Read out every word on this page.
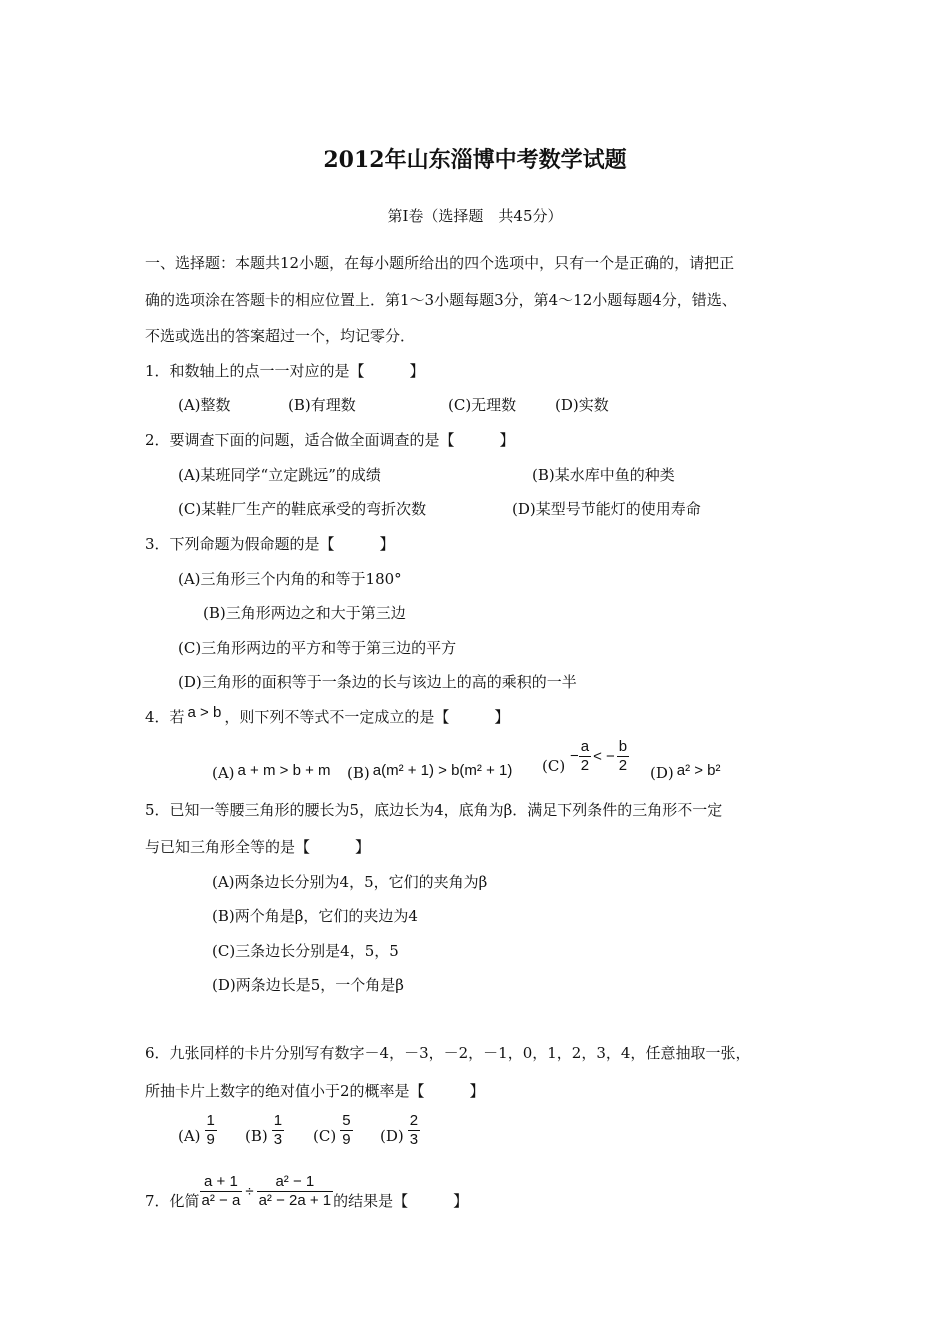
2012年山东淄博中考数学试题
第Ⅰ卷（选择题　共45分）
一、选择题：本题共12小题，在每小题所给出的四个选项中，只有一个是正确的，请把正
确的选项涂在答题卡的相应位置上．第1～3小题每题3分，第4～12小题每题4分，错选、
不选或选出的答案超过一个，均记零分．
1．和数轴上的点一一对应的是【　　　】
(A)整数	(B)有理数	(C)无理数	(D)实数
2．要调查下面的问题，适合做全面调查的是【　　　】
(A)某班同学“立定跳远”的成绩	(B)某水库中鱼的种类
(C)某鞋厂生产的鞋底承受的弯折次数	(D)某型号节能灯的使用寿命
3．下列命题为假命题的是【　　　】
(A)三角形三个内角的和等于180°
(B)三角形两边之和大于第三边
(C)三角形两边的平方和等于第三边的平方
(D)三角形的面积等于一条边的长与该边上的高的乘积的一半
4．若 a > b ，则下列不等式不一定成立的是【　　　】
(A) a + m > b + m (B) a(m² + 1) > b(m² + 1) $(C) - \frac{a}{2}$ < − $\frac{b}{2} (D) a^2 > b^2$
5．已知一等腰三角形的腰长为5，底边长为4，底角为β．满足下列条件的三角形不一定
与已知三角形全等的是【　　　】
(A)两条边长分别为4，5，它们的夹角为β
(B)两个角是β，它们的夹边为4
(C)三条边长分别是4，5，5
(D)两条边长是5，一个角是β
6．九张同样的卡片分别写有数字－4，－3，－2，－1，0，1，2，3，4，任意抽取一张，
所抽卡片上数字的绝对值小于2的概率是【　　　】
$(A) \frac{1}{9} (B) \frac{1}{3} (C) \frac{5}{9} (D) \frac{2}{3}$
7．化简 $\frac{a + 1}{\text{a² − a}} \div \frac{\text{a² − 1}}{\text{a² − 2a + 1}}$ 的结果是【　　　】
